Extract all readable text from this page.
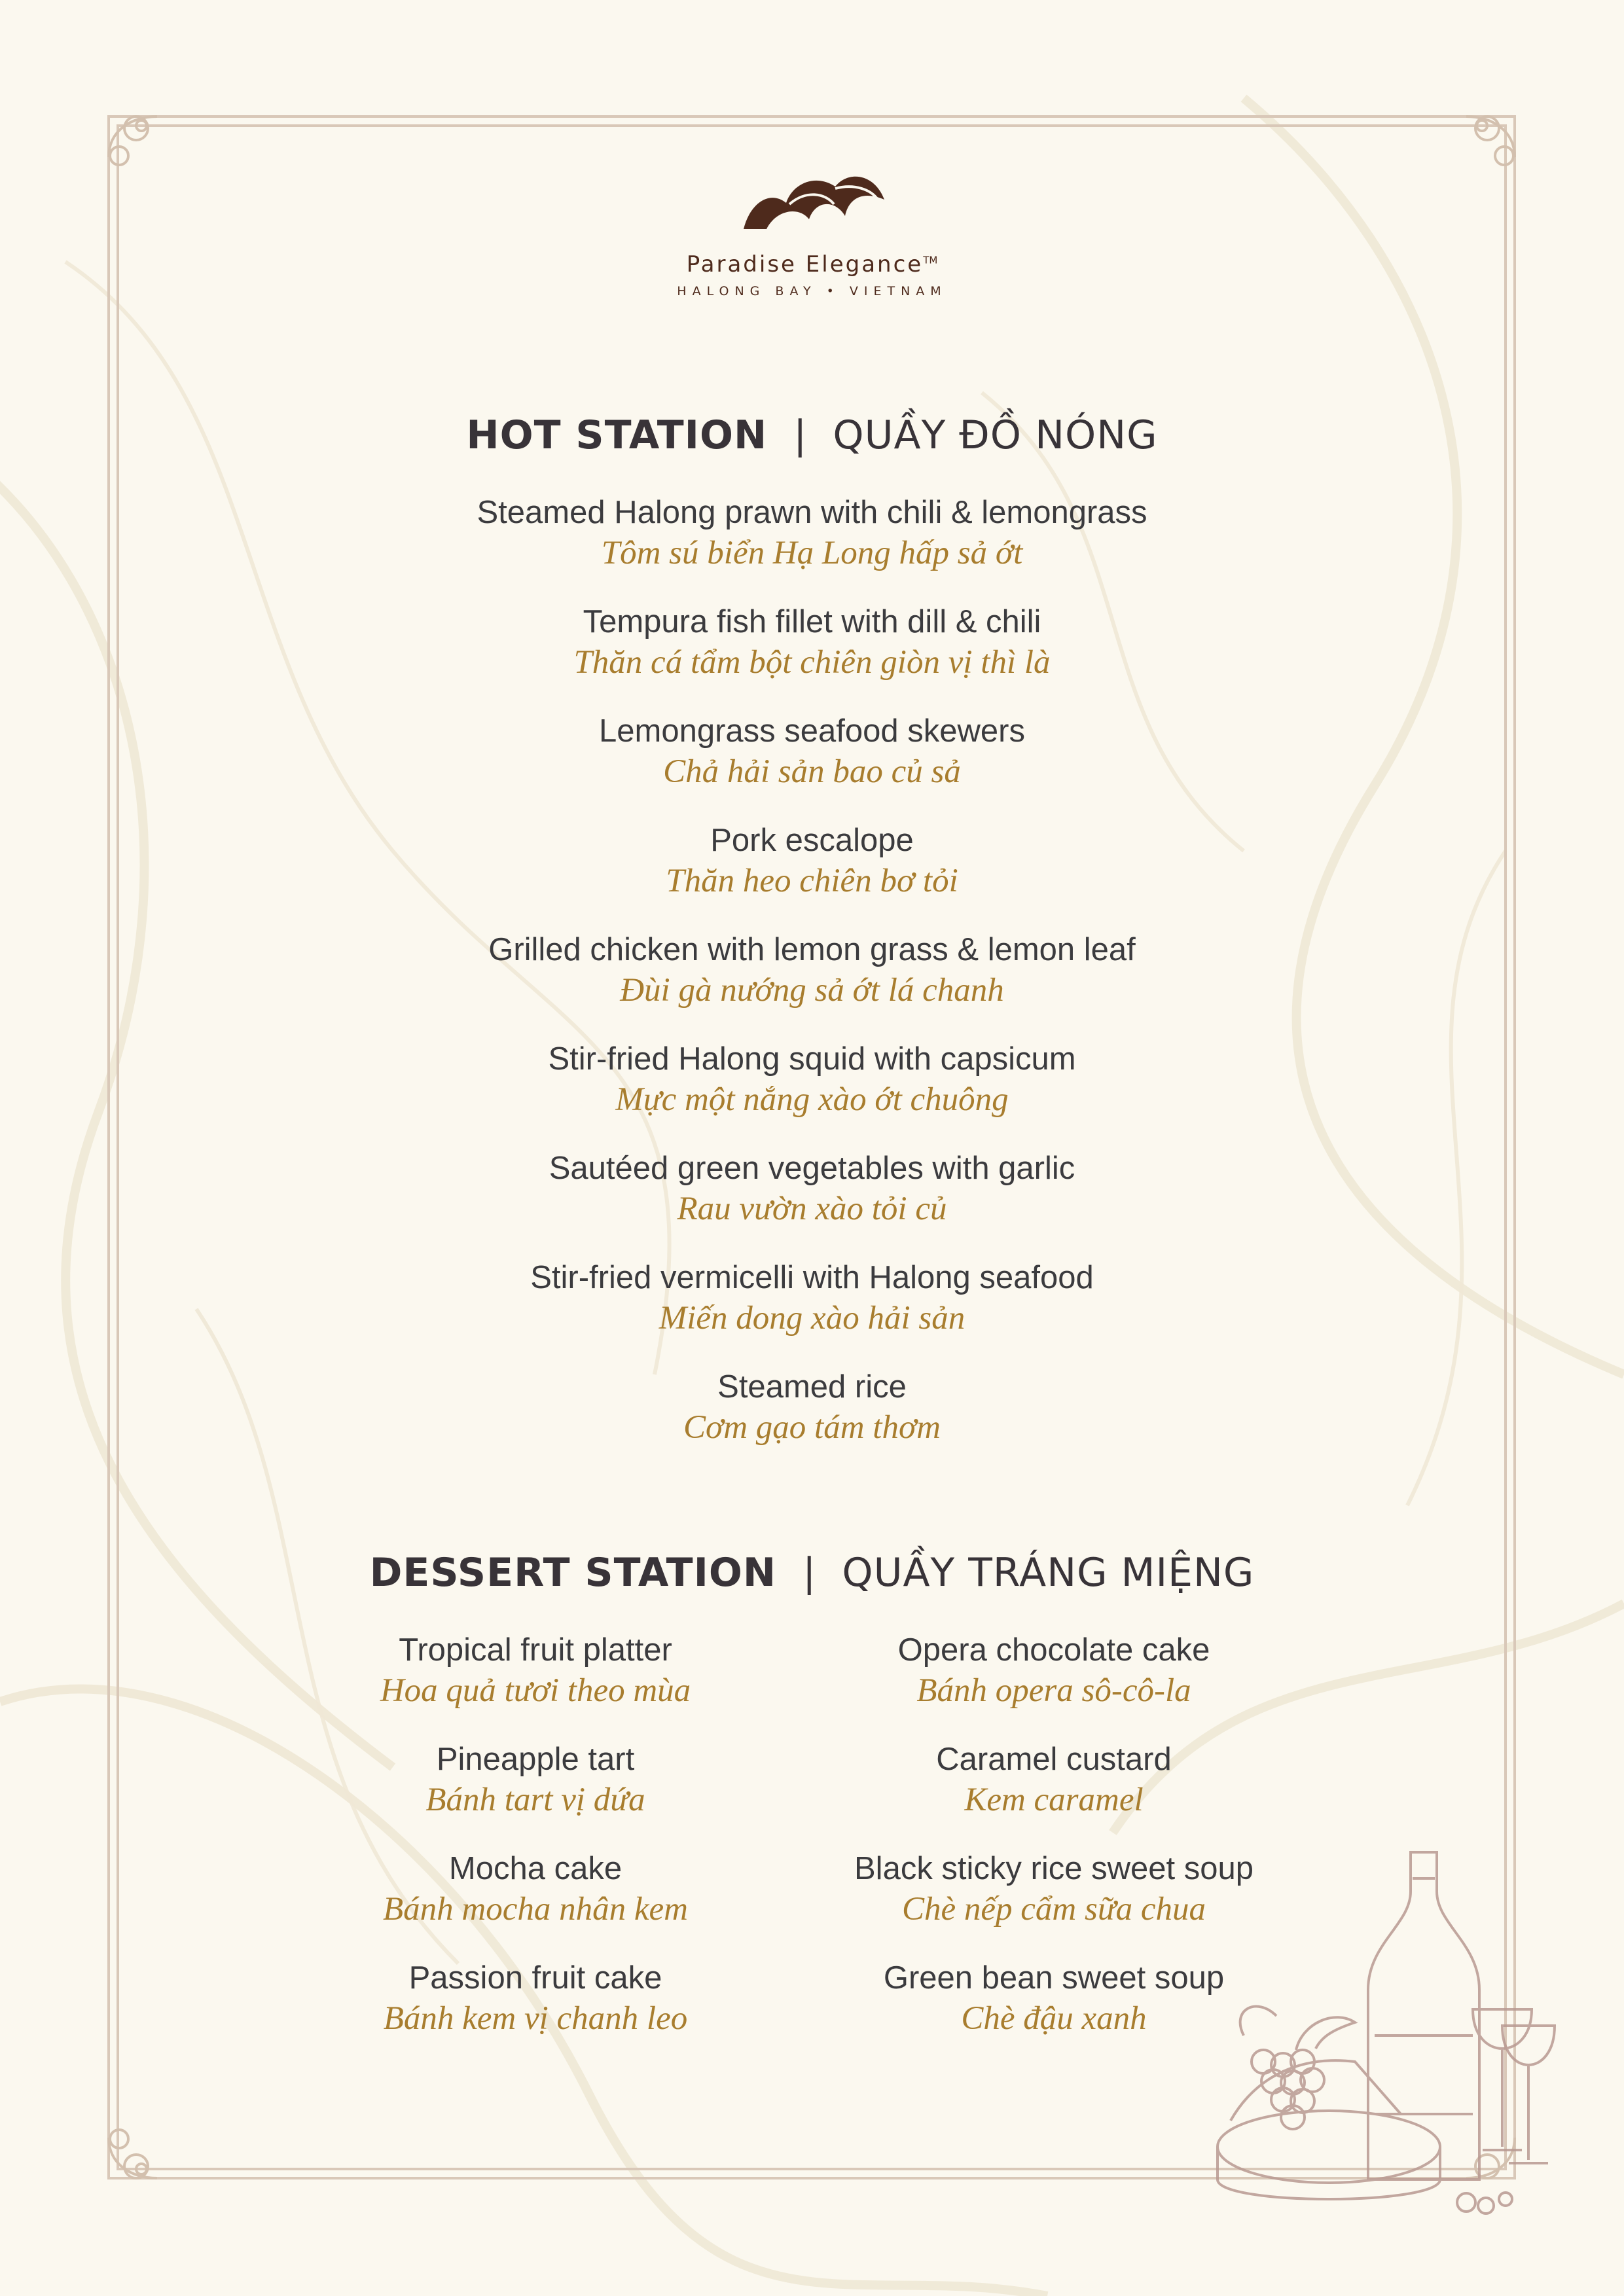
Paradise Elegance™
HALONG BAY • VIETNAM
HOT STATION | QUẦY ĐỒ NÓNG
Steamed Halong prawn with chili & lemongrass
Tôm sú biển Hạ Long hấp sả ớt
Tempura fish fillet with dill & chili
Thăn cá tẩm bột chiên giòn vị thì là
Lemongrass seafood skewers
Chả hải sản bao củ sả
Pork escalope
Thăn heo chiên bơ tỏi
Grilled chicken with lemon grass & lemon leaf
Đùi gà nướng sả ớt lá chanh
Stir-fried Halong squid with capsicum
Mực một nắng xào ớt chuông
Sautéed green vegetables with garlic
Rau vườn xào tỏi củ
Stir-fried vermicelli with Halong seafood
Miến dong xào hải sản
Steamed rice
Cơm gạo tám thơm
DESSERT STATION | QUẦY TRÁNG MIỆNG
Tropical fruit platter
Hoa quả tươi theo mùa
Pineapple tart
Bánh tart vị dứa
Mocha cake
Bánh mocha nhân kem
Passion fruit cake
Bánh kem vị chanh leo
Opera chocolate cake
Bánh opera sô-cô-la
Caramel custard
Kem caramel
Black sticky rice sweet soup
Chè nếp cẩm sữa chua
Green bean sweet soup
Chè đậu xanh
